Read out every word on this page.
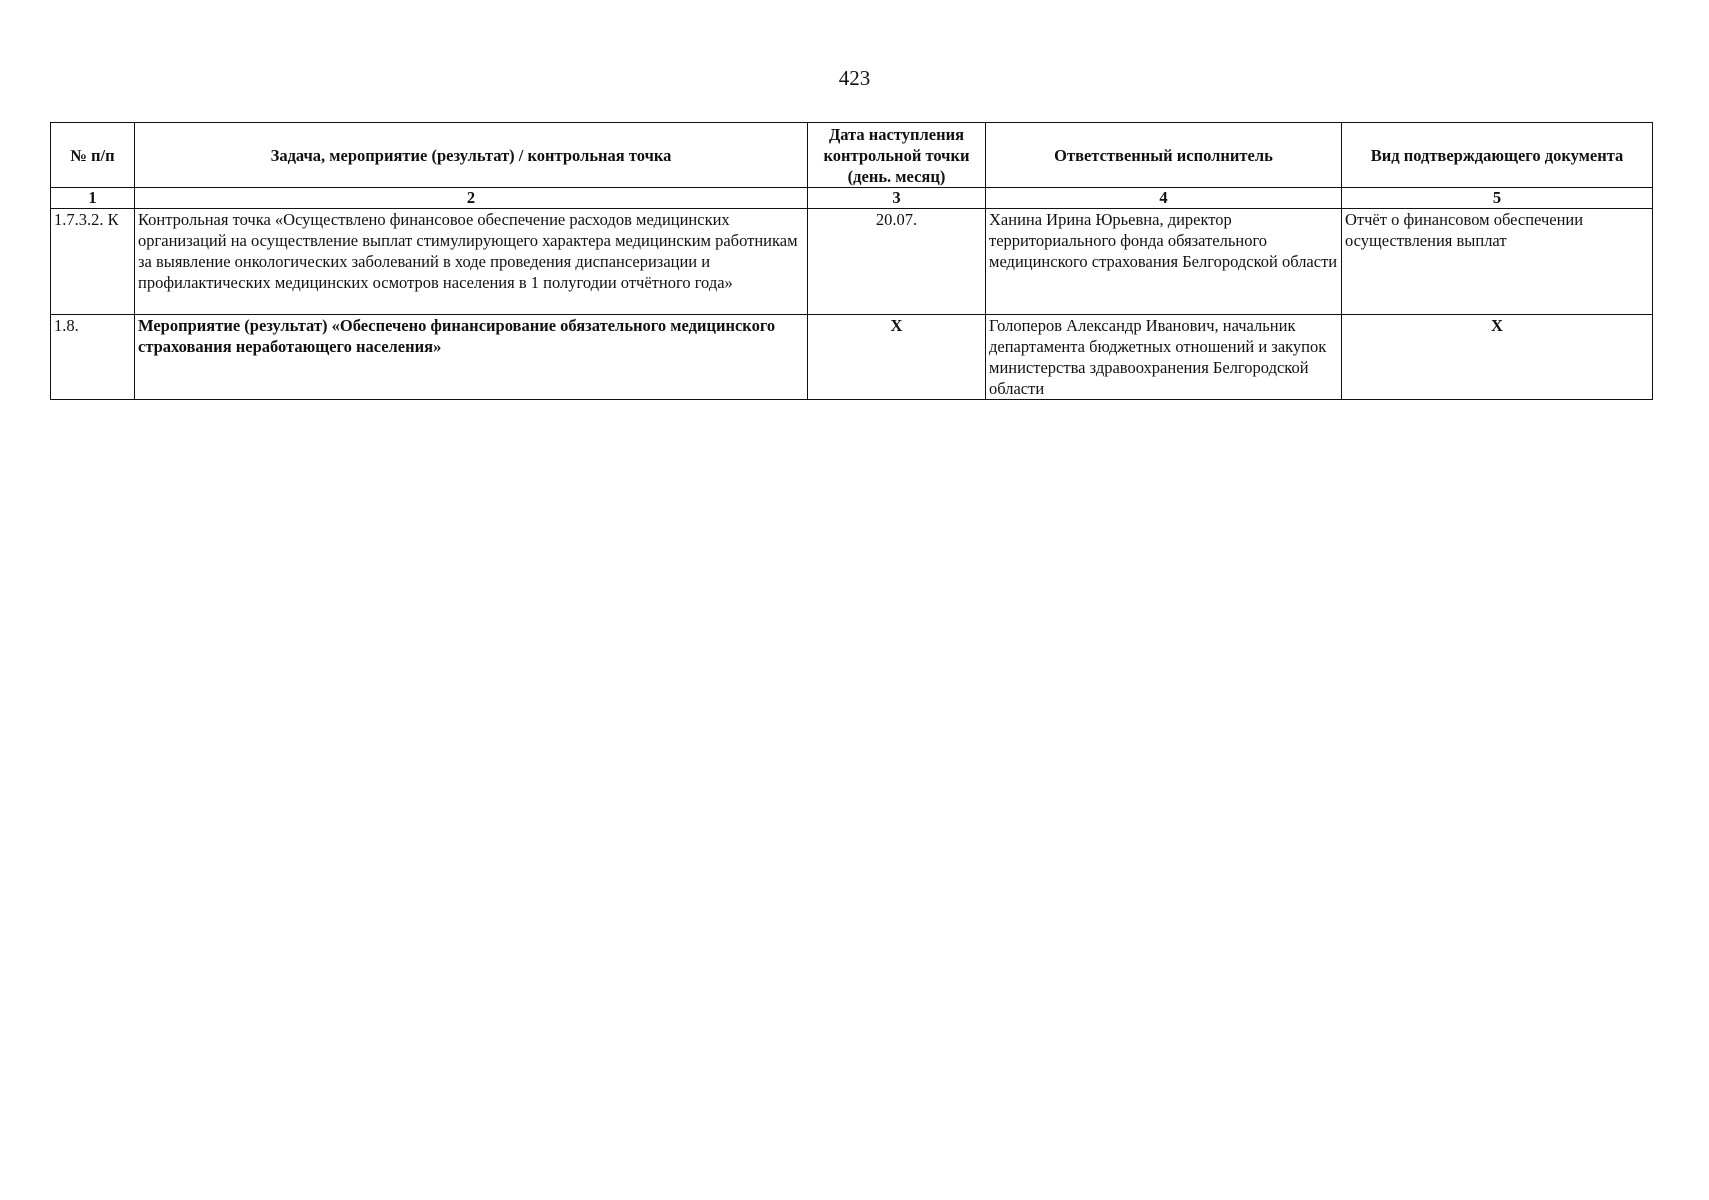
423
№ п/п	Задача, мероприятие (результат) / контрольная точка	Дата наступления контрольной точки (день. месяц)	Ответственный исполнитель	Вид подтверждающего документа
1	2	3	4	5
1.7.3.2. К	Контрольная точка «Осуществлено финансовое обеспечение расходов медицинских организаций на осуществление выплат стимулирующего характера медицинским работникам за выявление онкологических заболеваний в ходе проведения диспансеризации и профилактических медицинских осмотров населения в 1 полугодии отчётного года»	20.07.	Ханина Ирина Юрьевна, директор территориального фонда обязательного медицинского страхования Белгородской области	Отчёт о финансовом обеспечении осуществления выплат
1.8.	Мероприятие (результат) «Обеспечено финансирование обязательного медицинского страхования неработающего населения»	X	Голоперов Александр Иванович, начальник департамента бюджетных отношений и закупок министерства здравоохранения Белгородской области	X
